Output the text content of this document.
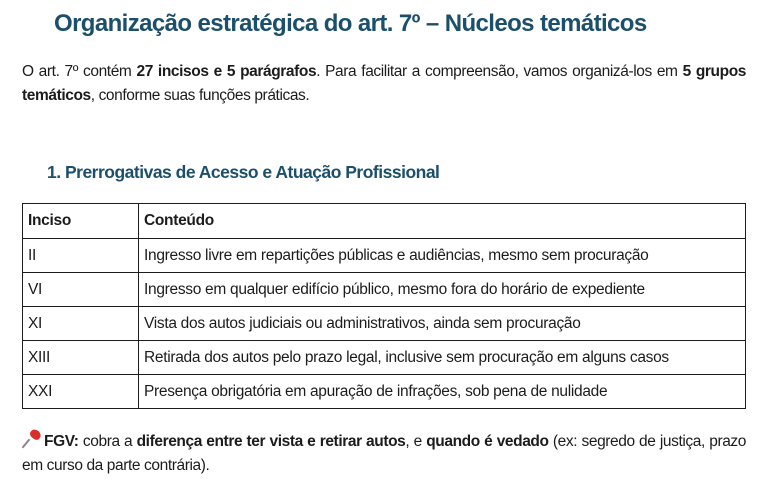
Organização estratégica do art. 7º – Núcleos temáticos

O art. 7º contém 27 incisos e 5 parágrafos. Para facilitar a compreensão, vamos organizá-los em 5 grupos temáticos, conforme suas funções práticas.

1. Prerrogativas de Acesso e Atuação Profissional
Inciso	Conteúdo
II	Ingresso livre em repartições públicas e audiências, mesmo sem procuração
VI	Ingresso em qualquer edifício público, mesmo fora do horário de expediente
XI	Vista dos autos judiciais ou administrativos, ainda sem procuração
XIII	Retirada dos autos pelo prazo legal, inclusive sem procuração em alguns casos
XXI	Presença obrigatória em apuração de infrações, sob pena de nulidade

FGV: cobra a diferença entre ter vista e retirar autos, e quando é vedado (ex: segredo de justiça, prazo em curso da parte contrária).
